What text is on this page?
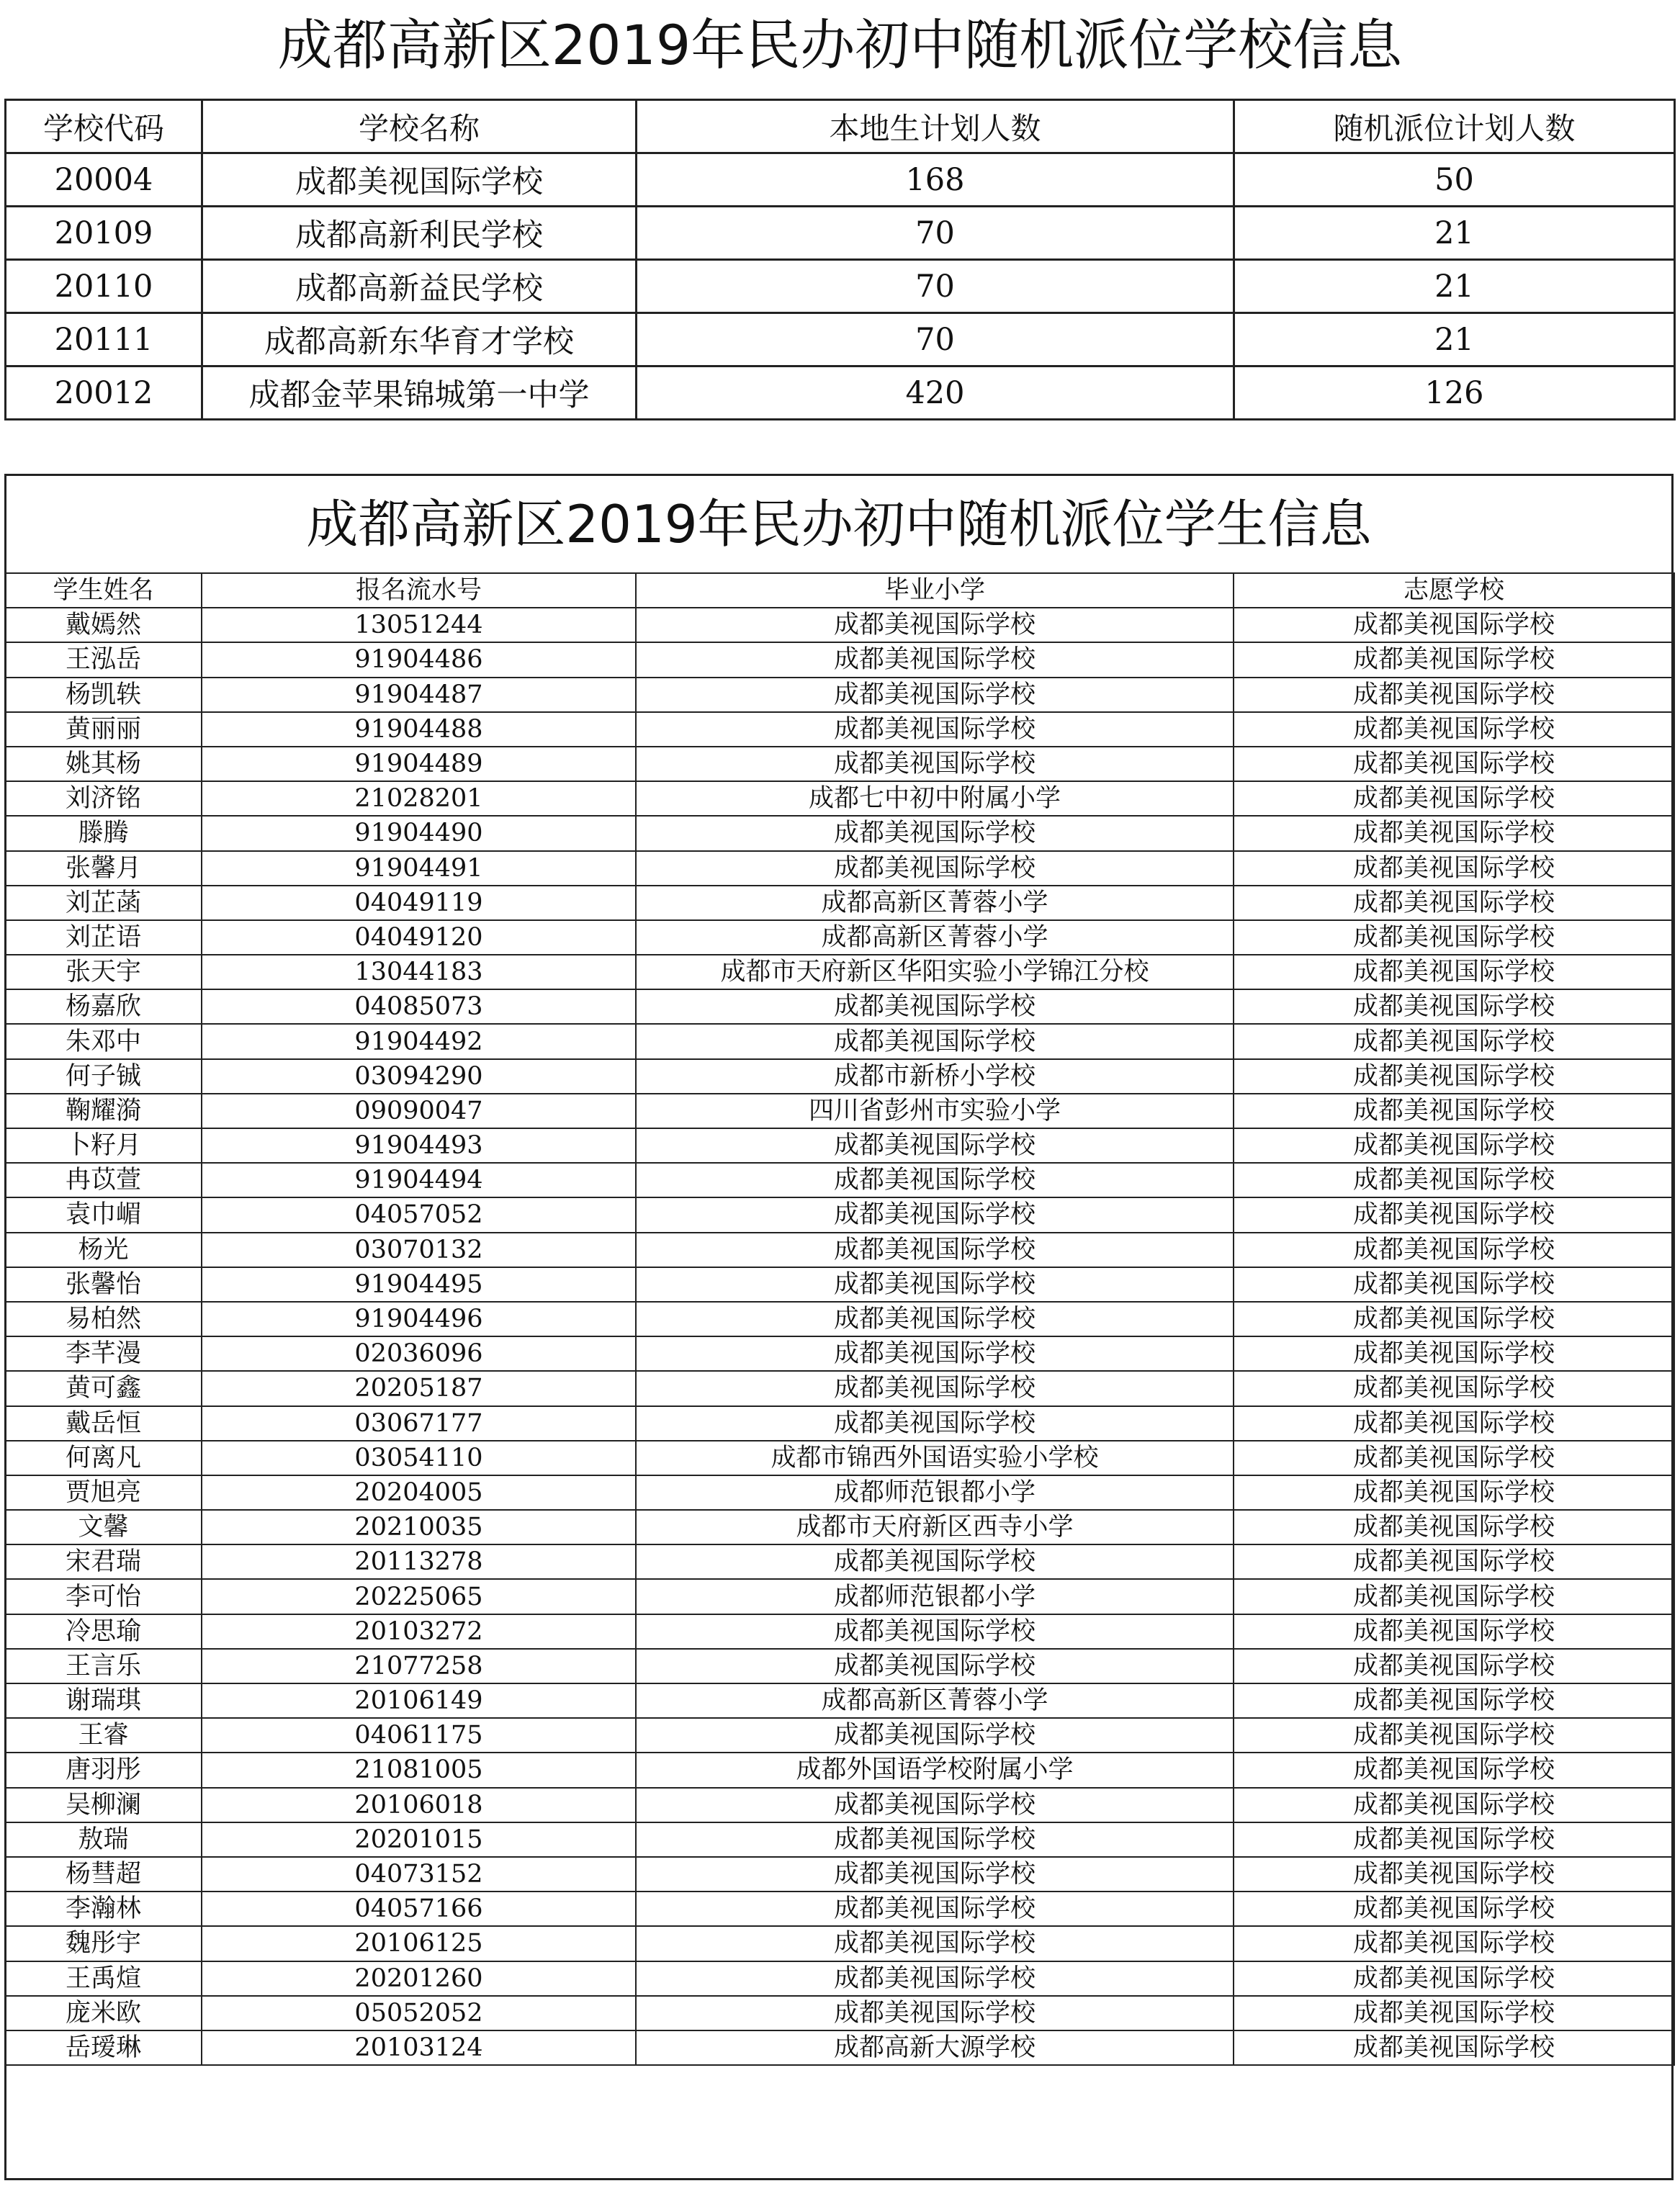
成都高新区2019年民办初中随机派位学校信息
学校代码	学校名称	本地生计划人数	随机派位计划人数
20004	成都美视国际学校	168	50
20109	成都高新利民学校	70	21
20110	成都高新益民学校	70	21
20111	成都高新东华育才学校	70	21
20012	成都金苹果锦城第一中学	420	126
成都高新区2019年民办初中随机派位学生信息
学生姓名	报名流水号	毕业小学	志愿学校
戴嫣然	13051244	成都美视国际学校	成都美视国际学校
王泓岳	91904486	成都美视国际学校	成都美视国际学校
杨凯轶	91904487	成都美视国际学校	成都美视国际学校
黄丽丽	91904488	成都美视国际学校	成都美视国际学校
姚其杨	91904489	成都美视国际学校	成都美视国际学校
刘济铭	21028201	成都七中初中附属小学	成都美视国际学校
滕腾	91904490	成都美视国际学校	成都美视国际学校
张馨月	91904491	成都美视国际学校	成都美视国际学校
刘芷菡	04049119	成都高新区菁蓉小学	成都美视国际学校
刘芷语	04049120	成都高新区菁蓉小学	成都美视国际学校
张天宇	13044183	成都市天府新区华阳实验小学锦江分校	成都美视国际学校
杨嘉欣	04085073	成都美视国际学校	成都美视国际学校
朱邓中	91904492	成都美视国际学校	成都美视国际学校
何子铖	03094290	成都市新桥小学校	成都美视国际学校
鞠耀漪	09090047	四川省彭州市实验小学	成都美视国际学校
卜籽月	91904493	成都美视国际学校	成都美视国际学校
冉苡萱	91904494	成都美视国际学校	成都美视国际学校
袁巾嵋	04057052	成都美视国际学校	成都美视国际学校
杨光	03070132	成都美视国际学校	成都美视国际学校
张馨怡	91904495	成都美视国际学校	成都美视国际学校
易柏然	91904496	成都美视国际学校	成都美视国际学校
李芊漫	02036096	成都美视国际学校	成都美视国际学校
黄可鑫	20205187	成都美视国际学校	成都美视国际学校
戴岳恒	03067177	成都美视国际学校	成都美视国际学校
何离凡	03054110	成都市锦西外国语实验小学校	成都美视国际学校
贾旭亮	20204005	成都师范银都小学	成都美视国际学校
文馨	20210035	成都市天府新区西寺小学	成都美视国际学校
宋君瑞	20113278	成都美视国际学校	成都美视国际学校
李可怡	20225065	成都师范银都小学	成都美视国际学校
冷思瑜	20103272	成都美视国际学校	成都美视国际学校
王言乐	21077258	成都美视国际学校	成都美视国际学校
谢瑞琪	20106149	成都高新区菁蓉小学	成都美视国际学校
王睿	04061175	成都美视国际学校	成都美视国际学校
唐羽彤	21081005	成都外国语学校附属小学	成都美视国际学校
吴柳澜	20106018	成都美视国际学校	成都美视国际学校
敖瑞	20201015	成都美视国际学校	成都美视国际学校
杨彗超	04073152	成都美视国际学校	成都美视国际学校
李瀚林	04057166	成都美视国际学校	成都美视国际学校
魏彤宇	20106125	成都美视国际学校	成都美视国际学校
王禹煊	20201260	成都美视国际学校	成都美视国际学校
庞米欧	05052052	成都美视国际学校	成都美视国际学校
岳瑷琳	20103124	成都高新大源学校	成都美视国际学校
